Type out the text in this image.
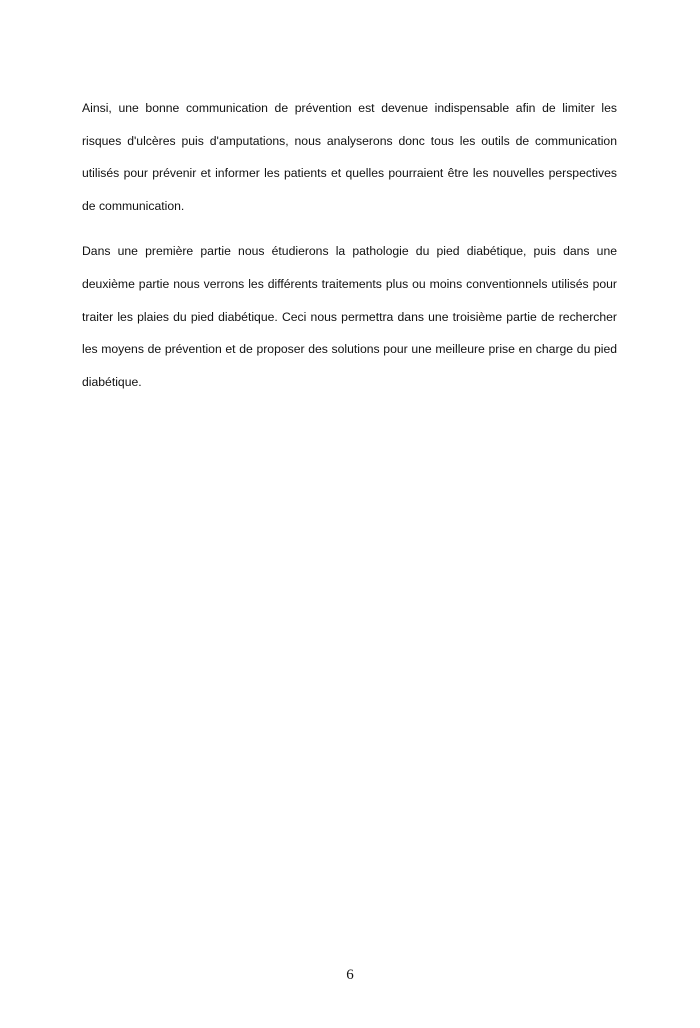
Ainsi, une bonne communication de prévention est devenue indispensable afin de limiter les risques d'ulcères puis d'amputations, nous analyserons donc tous les outils de communication utilisés pour prévenir et informer les patients et quelles pourraient être les nouvelles perspectives de communication.

Dans une première partie nous étudierons la pathologie du pied diabétique, puis dans une deuxième partie nous verrons les différents traitements plus ou moins conventionnels utilisés pour traiter les plaies du pied diabétique. Ceci nous permettra dans une troisième partie de rechercher les moyens de prévention et de proposer des solutions pour une meilleure prise en charge du pied diabétique.

6
